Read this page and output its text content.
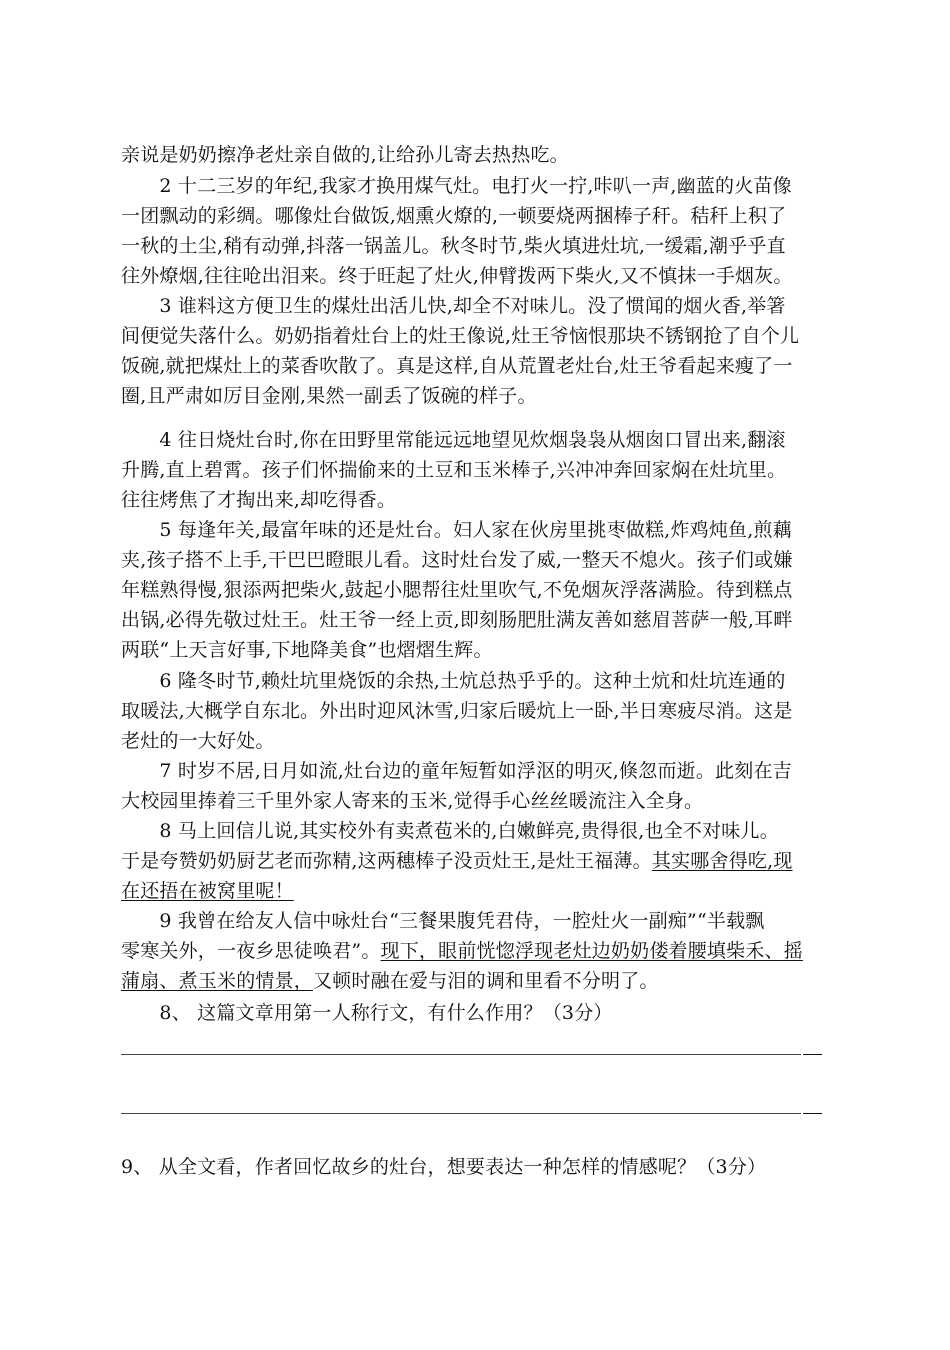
亲说是奶奶擦净老灶亲自做的,让给孙儿寄去热热吃。
　　2 十二三岁的年纪,我家才换用煤气灶。电打火一拧,咔叭一声,幽蓝的火苗像
一团飘动的彩绸。哪像灶台做饭,烟熏火燎的,一顿要烧两捆棒子秆。秸秆上积了
一秋的土尘,稍有动弹,抖落一锅盖儿。秋冬时节,柴火填进灶坑,一缓霜,潮乎乎直
往外燎烟,往往呛出泪来。终于旺起了灶火,伸臂拨两下柴火,又不慎抹一手烟灰。
　　3 谁料这方便卫生的煤灶出活儿快,却全不对味儿。没了惯闻的烟火香,举箸
间便觉失落什么。奶奶指着灶台上的灶王像说,灶王爷恼恨那块不锈钢抢了自个儿
饭碗,就把煤灶上的菜香吹散了。真是这样,自从荒置老灶台,灶王爷看起来瘦了一
圈,且严肃如厉目金刚,果然一副丢了饭碗的样子。
　　4 往日烧灶台时,你在田野里常能远远地望见炊烟袅袅从烟囱口冒出来,翻滚
升腾,直上碧霄。孩子们怀揣偷来的土豆和玉米棒子,兴冲冲奔回家焖在灶坑里。
往往烤焦了才掏出来,却吃得香。
　　5 每逢年关,最富年味的还是灶台。妇人家在伙房里挑枣做糕,炸鸡炖鱼,煎藕
夹,孩子搭不上手,干巴巴瞪眼儿看。这时灶台发了威,一整天不熄火。孩子们或嫌
年糕熟得慢,狠添两把柴火,鼓起小腮帮往灶里吹气,不免烟灰浮落满脸。待到糕点
出锅,必得先敬过灶王。灶王爷一经上贡,即刻肠肥肚满友善如慈眉菩萨一般,耳畔
两联“上天言好事,下地降美食”也熠熠生辉。
　　6 隆冬时节,赖灶坑里烧饭的余热,土炕总热乎乎的。这种土炕和灶坑连通的
取暖法,大概学自东北。外出时迎风沐雪,归家后暖炕上一卧,半日寒疲尽消。这是
老灶的一大好处。
　　7 时岁不居,日月如流,灶台边的童年短暂如浮沤的明灭,倏忽而逝。此刻在吉
大校园里捧着三千里外家人寄来的玉米,觉得手心丝丝暖流注入全身。
　　8 马上回信儿说,其实校外有卖煮苞米的,白嫩鲜亮,贵得很,也全不对味儿。
于是夸赞奶奶厨艺老而弥精,这两穗棒子没贡灶王,是灶王福薄。其实哪舍得吃,现
在还捂在被窝里呢！
　　9 我曾在给友人信中咏灶台“三餐果腹凭君侍，一腔灶火一副痴”“半载飘
零寒关外，一夜乡思徒唤君”。现下，眼前恍惚浮现老灶边奶奶偻着腰填柴禾、摇
蒲扇、煮玉米的情景，又顿时融在爱与泪的调和里看不分明了。
　　8、 这篇文章用第一人称行文，有什么作用？（3分）
9、 从全文看，作者回忆故乡的灶台，想要表达一种怎样的情感呢？（3分）
